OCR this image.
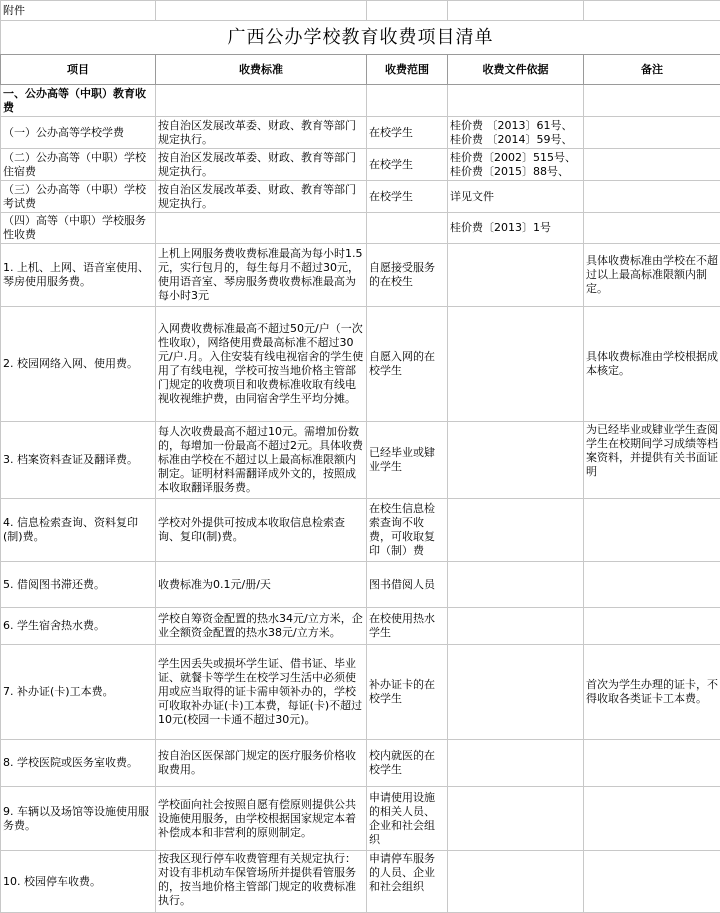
附件				
广西公办学校教育收费项目清单				
项目	收费标准	收费范围	收费文件依据	备注
一、公办高等（中职）教育收费				
（一）公办高等学校学费	按自治区发展改革委、财政、教育等部门规定执行。	在校学生	桂价费 〔2013〕61号、桂价费 〔2014〕59号、	
（二）公办高等（中职）学校住宿费	按自治区发展改革委、财政、教育等部门规定执行。	在校学生	桂价费〔2002〕515号、桂价费〔2015〕88号、	
（三）公办高等（中职）学校考试费	按自治区发展改革委、财政、教育等部门规定执行。	在校学生	详见文件	
（四）高等（中职）学校服务性收费			桂价费〔2013〕1号	
1. 上机、上网、语音室使用、琴房使用服务费。	上机上网服务费收费标准最高为每小时1.5元，实行包月的，每生每月不超过30元，使用语音室、琴房服务费收费标准最高为每小时3元	自愿接受服务的在校生		具体收费标准由学校在不超过以上最高标准限额内制定。
2. 校园网络入网、使用费。	入网费收费标准最高不超过50元/户（一次性收取），网络使用费最高标准不超过30元/户.月。入住安装有线电视宿舍的学生使用了有线电视，学校可按当地价格主管部门规定的收费项目和收费标准收取有线电视收视维护费，由同宿舍学生平均分摊。	自愿入网的在校学生		具体收费标准由学校根据成本核定。
3. 档案资料查证及翻译费。	每人次收费最高不超过10元。需增加份数的，每增加一份最高不超过2元。具体收费标准由学校在不超过以上最高标准限额内制定。证明材料需翻译成外文的，按照成本收取翻译服务费。	已经毕业或肄业学生		为已经毕业或肄业学生查阅学生在校期间学习成绩等档案资料，并提供有关书面证明
4. 信息检索查询、资料复印(制)费。	学校对外提供可按成本收取信息检索查询、复印(制)费。	在校生信息检索查询不收费，可收取复印（制）费		
5. 借阅图书滞还费。	收费标准为0.1元/册/天	图书借阅人员		
6. 学生宿舍热水费。	学校自筹资金配置的热水34元/立方米，企业全额资金配置的热水38元/立方米。	在校使用热水学生		
7. 补办证(卡)工本费。	学生因丢失或损坏学生证、借书证、毕业证、就餐卡等学生在校学习生活中必须使用或应当取得的证卡需申领补办的，学校可收取补办证(卡)工本费，每证(卡)不超过10元(校园一卡通不超过30元)。	补办证卡的在校学生		首次为学生办理的证卡，不得收取各类证卡工本费。
8. 学校医院或医务室收费。	按自治区医保部门规定的医疗服务价格收取费用。	校内就医的在校学生		
9. 车辆以及场馆等设施使用服务费。	学校面向社会按照自愿有偿原则提供公共设施使用服务，由学校根据国家规定本着补偿成本和非营利的原则制定。	申请使用设施的相关人员、企业和社会组织		
10. 校园停车收费。	按我区现行停车收费管理有关规定执行：对设有非机动车保管场所并提供看管服务的，按当地价格主管部门规定的收费标准执行。	申请停车服务的人员、企业和社会组织		
